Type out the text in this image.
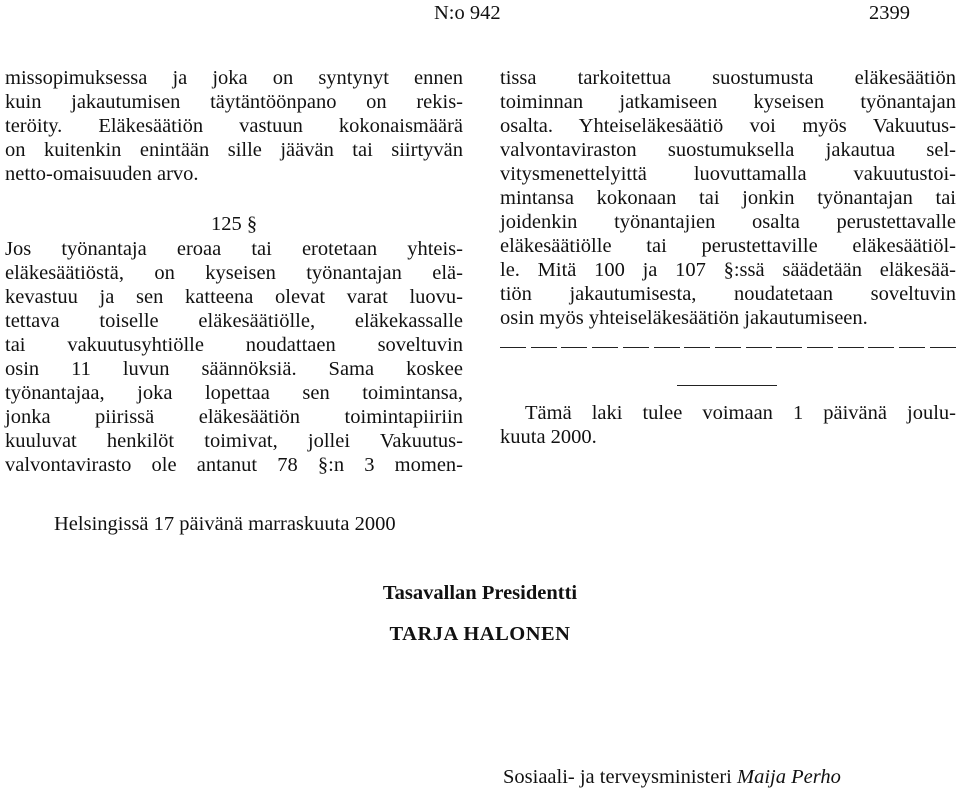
N:o 942	2399
missopimuksessa ja joka on syntynyt ennen
kuin jakautumisen täytäntöönpano on rekis-
teröity. Eläkesäätiön vastuun kokonaismäärä
on kuitenkin enintään sille jäävän tai siirtyvän
netto-omaisuuden arvo.
125 §
Jos työnantaja eroaa tai erotetaan yhteis-
eläkesäätiöstä, on kyseisen työnantajan elä-
kevastuu ja sen katteena olevat varat luovu-
tettava toiselle eläkesäätiölle, eläkekassalle
tai vakuutusyhtiölle noudattaen soveltuvin
osin 11 luvun säännöksiä. Sama koskee
työnantajaa, joka lopettaa sen toimintansa,
jonka piirissä eläkesäätiön toimintapiiriin
kuuluvat henkilöt toimivat, jollei Vakuutus-
valvontavirasto ole antanut 78 §:n 3 momen-
tissa tarkoitettua suostumusta eläkesäätiön
toiminnan jatkamiseen kyseisen työnantajan
osalta. Yhteiseläkesäätiö voi myös Vakuutus-
valvontaviraston suostumuksella jakautua sel-
vitysmenettelyittä luovuttamalla vakuutustoi-
mintansa kokonaan tai jonkin työnantajan tai
joidenkin työnantajien osalta perustettavalle
eläkesäätiölle tai perustettaville eläkesäätiöl-
le. Mitä 100 ja 107 §:ssä säädetään eläkesää-
tiön jakautumisesta, noudatetaan soveltuvin
osin myös yhteiseläkesäätiön jakautumiseen.
Tämä laki tulee voimaan 1 päivänä joulu-
kuuta 2000.
Helsingissä 17 päivänä marraskuuta 2000
Tasavallan Presidentti
TARJA HALONEN
Sosiaali- ja terveysministeri Maija Perho
